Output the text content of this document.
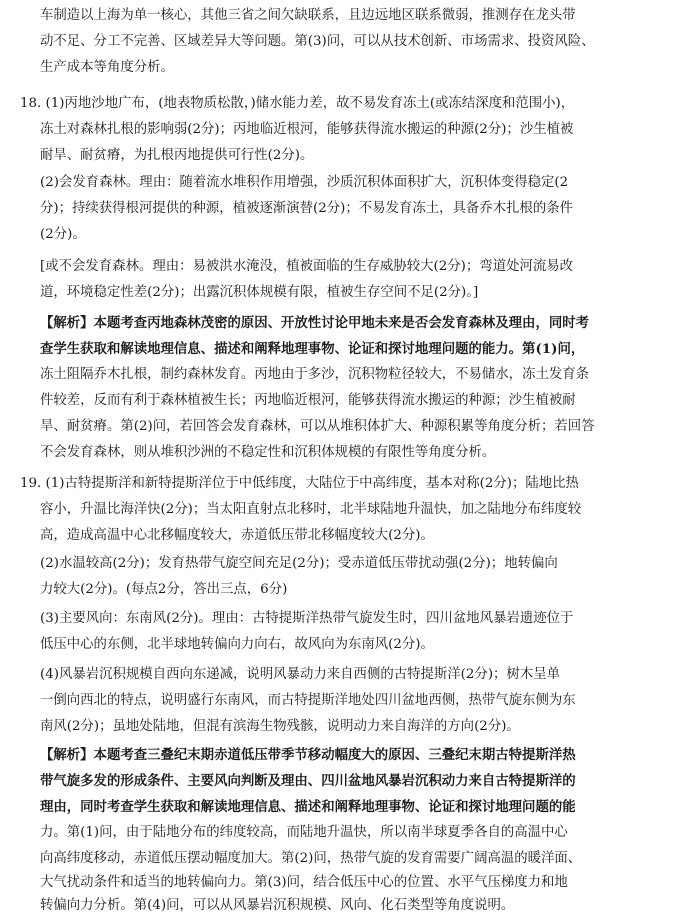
车制造以上海为单一核心，其他三省之间欠缺联系，且边远地区联系微弱，推测存在龙头带
动不足、分工不完善、区域差异大等问题。第(3)问，可以从技术创新、市场需求、投资风险、
生产成本等角度分析。
18. (1)丙地沙地广布，(地表物质松散，)储水能力差，故不易发育冻土(或冻结深度和范围小)，
冻土对森林扎根的影响弱(2分)；丙地临近根河，能够获得流水搬运的种源(2分)；沙生植被
耐旱、耐贫瘠，为扎根丙地提供可行性(2分)。
(2)会发育森林。理由：随着流水堆积作用增强，沙质沉积体面积扩大，沉积体变得稳定(2
分)；持续获得根河提供的种源，植被逐渐演替(2分)；不易发育冻土，具备乔木扎根的条件
(2分)。
[或不会发育森林。理由：易被洪水淹没，植被面临的生存威胁较大(2分)；弯道处河流易改
道，环境稳定性差(2分)；出露沉积体规模有限，植被生存空间不足(2分)。]
【解析】本题考查丙地森林茂密的原因、开放性讨论甲地未来是否会发育森林及理由，同时考
查学生获取和解读地理信息、描述和阐释地理事物、论证和探讨地理问题的能力。第(1)问，
冻土阻隔乔木扎根，制约森林发育。丙地由于多沙，沉积物粒径较大，不易储水，冻土发育条
件较差，反而有利于森林植被生长；丙地临近根河，能够获得流水搬运的种源；沙生植被耐
旱、耐贫瘠。第(2)问，若回答会发育森林，可以从堆积体扩大、种源积累等角度分析；若回答
不会发育森林，则从堆积沙洲的不稳定性和沉积体规模的有限性等角度分析。
19. (1)古特提斯洋和新特提斯洋位于中低纬度，大陆位于中高纬度，基本对称(2分)；陆地比热
容小，升温比海洋快(2分)；当太阳直射点北移时，北半球陆地升温快，加之陆地分布纬度较
高，造成高温中心北移幅度较大，赤道低压带北移幅度较大(2分)。
(2)水温较高(2分)；发育热带气旋空间充足(2分)；受赤道低压带扰动强(2分)；地转偏向
力较大(2分)。(每点2分，答出三点，6分)
(3)主要风向：东南风(2分)。理由：古特提斯洋热带气旋发生时，四川盆地风暴岩遗迹位于
低压中心的东侧，北半球地转偏向力向右，故风向为东南风(2分)。
(4)风暴岩沉积规模自西向东递减，说明风暴动力来自西侧的古特提斯洋(2分)；树木呈单
一倒向西北的特点，说明盛行东南风，而古特提斯洋地处四川盆地西侧，热带气旋东侧为东
南风(2分)；虽地处陆地，但混有滨海生物残骸，说明动力来自海洋的方向(2分)。
【解析】本题考查三叠纪末期赤道低压带季节移动幅度大的原因、三叠纪末期古特提斯洋热
带气旋多发的形成条件、主要风向判断及理由、四川盆地风暴岩沉积动力来自古特提斯洋的
理由，同时考查学生获取和解读地理信息、描述和阐释地理事物、论证和探讨地理问题的能
力。第(1)问，由于陆地分布的纬度较高，而陆地升温快，所以南半球夏季各自的高温中心
向高纬度移动，赤道低压摆动幅度加大。第(2)问，热带气旋的发育需要广阔高温的暖洋面、
大气扰动条件和适当的地转偏向力。第(3)问，结合低压中心的位置、水平气压梯度力和地
转偏向力分析。第(4)问，可以从风暴岩沉积规模、风向、化石类型等角度说明。
